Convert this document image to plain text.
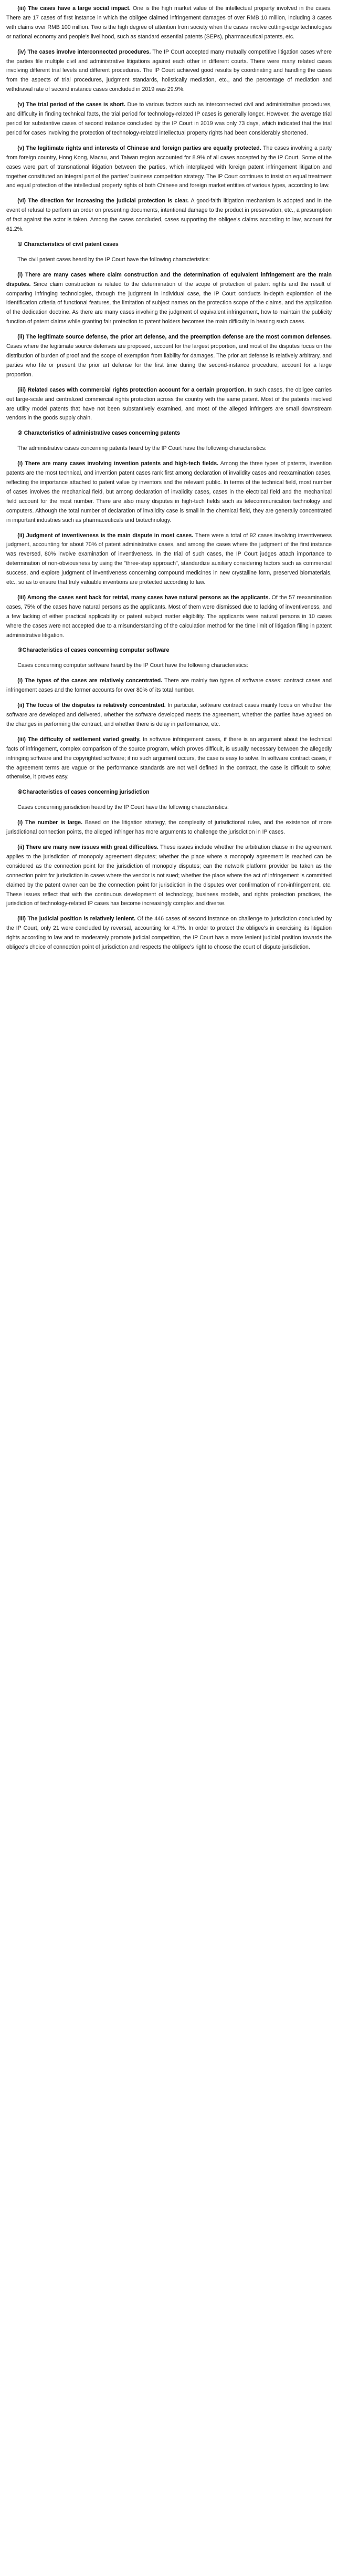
(iii) The cases have a large social impact. One is the high market value of the intellectual property involved in the cases. There are 17 cases of first instance in which the obligee claimed infringement damages of over RMB 10 million, including 3 cases with claims over RMB 100 million. Two is the high degree of attention from society when the cases involve cutting-edge technologies or national economy and people's livelihood, such as standard essential patents (SEPs), pharmaceutical patents, etc.

(iv) The cases involve interconnected procedures. The IP Court accepted many mutually competitive litigation cases where the parties file multiple civil and administrative litigations against each other in different courts. There were many related cases involving different trial levels and different procedures. The IP Court achieved good results by coordinating and handling the cases from the aspects of trial procedures, judgment standards, holistically mediation, etc., and the percentage of mediation and withdrawal rate of second instance cases concluded in 2019 was 29.9%.

(v) The trial period of the cases is short. Due to various factors such as interconnected civil and administrative procedures, and difficulty in finding technical facts, the trial period for technology-related IP cases is generally longer. However, the average trial period for substantive cases of second instance concluded by the IP Court in 2019 was only 73 days, which indicated that the trial period for cases involving the protection of technology-related intellectual property rights had been considerably shortened.

(v) The legitimate rights and interests of Chinese and foreign parties are equally protected. The cases involving a party from foreign country, Hong Kong, Macau, and Taiwan region accounted for 8.9% of all cases accepted by the IP Court. Some of the cases were part of transnational litigation between the parties, which interplayed with foreign patent infringement litigation and together constituted an integral part of the parties' business competition strategy. The IP Court continues to insist on equal treatment and equal protection of the intellectual property rights of both Chinese and foreign market entities of various types, according to law.

(vi) The direction for increasing the judicial protection is clear. A good-faith litigation mechanism is adopted and in the event of refusal to perform an order on presenting documents, intentional damage to the product in preservation, etc., a presumption of fact against the actor is taken. Among the cases concluded, cases supporting the obligee's claims according to law, account for 61.2%.

① Characteristics of civil patent cases

The civil patent cases heard by the IP Court have the following characteristics:

(i) There are many cases where claim construction and the determination of equivalent infringement are the main disputes. Since claim construction is related to the determination of the scope of protection of patent rights and the result of comparing infringing technologies, through the judgment in individual case, the IP Court conducts in-depth exploration of the identification criteria of functional features, the limitation of subject names on the protection scope of the claims, and the application of the dedication doctrine. As there are many cases involving the judgment of equivalent infringement, how to maintain the publicity function of patent claims while granting fair protection to patent holders becomes the main difficulty in hearing such cases.

(ii) The legitimate source defense, the prior art defense, and the preemption defense are the most common defenses. Cases where the legitimate source defenses are proposed, account for the largest proportion, and most of the disputes focus on the distribution of burden of proof and the scope of exemption from liability for damages. The prior art defense is relatively arbitrary, and parties who file or present the prior art defense for the first time during the second-instance procedure, account for a large proportion.

(iii) Related cases with commercial rights protection account for a certain proportion. In such cases, the obligee carries out large-scale and centralized commercial rights protection across the country with the same patent. Most of the patents involved are utility model patents that have not been substantively examined, and most of the alleged infringers are small downstream vendors in the goods supply chain.

② Characteristics of administrative cases concerning patents

The administrative cases concerning patents heard by the IP Court have the following characteristics:

(i) There are many cases involving invention patents and high-tech fields. Among the three types of patents, invention patents are the most technical, and invention patent cases rank first among declaration of invalidity cases and reexamination cases, reflecting the importance attached to patent value by inventors and the relevant public. In terms of the technical field, most number of cases involves the mechanical field, but among declaration of invalidity cases, cases in the electrical field and the mechanical field account for the most number. There are also many disputes in high-tech fields such as telecommunication technology and computers. Although the total number of declaration of invalidity case is small in the chemical field, they are generally concentrated in important industries such as pharmaceuticals and biotechnology.

(ii) Judgment of inventiveness is the main dispute in most cases. There were a total of 92 cases involving inventiveness judgment, accounting for about 70% of patent administrative cases, and among the cases where the judgment of the first instance was reversed, 80% involve examination of inventiveness. In the trial of such cases, the IP Court judges attach importance to determination of non-obviousness by using the "three-step approach", standardize auxiliary considering factors such as commercial success, and explore judgment of inventiveness concerning compound medicines in new crystalline form, preserved biomaterials, etc., so as to ensure that truly valuable inventions are protected according to law.

(iii) Among the cases sent back for retrial, many cases have natural persons as the applicants. Of the 57 reexamination cases, 75% of the cases have natural persons as the applicants. Most of them were dismissed due to lacking of inventiveness, and a few lacking of either practical applicability or patent subject matter eligibility. The applicants were natural persons in 10 cases where the cases were not accepted due to a misunderstanding of the calculation method for the time limit of litigation filing in patent administrative litigation.

③Characteristics of cases concerning computer software

Cases concerning computer software heard by the IP Court have the following characteristics:

(i) The types of the cases are relatively concentrated. There are mainly two types of software cases: contract cases and infringement cases and the former accounts for over 80% of its total number.

(ii) The focus of the disputes is relatively concentrated. In particular, software contract cases mainly focus on whether the software are developed and delivered, whether the software developed meets the agreement, whether the parties have agreed on the changes in performing the contract, and whether there is delay in performance, etc.

(iii) The difficulty of settlement varied greatly. In software infringement cases, if there is an argument about the technical facts of infringement, complex comparison of the source program, which proves difficult, is usually necessary between the allegedly infringing software and the copyrighted software; if no such argument occurs, the case is easy to solve. In software contract cases, if the agreement terms are vague or the performance standards are not well defined in the contract, the case is difficult to solve; otherwise, it proves easy.

④Characteristics of cases concerning jurisdiction

Cases concerning jurisdiction heard by the IP Court have the following characteristics:

(i) The number is large. Based on the litigation strategy, the complexity of jurisdictional rules, and the existence of more jurisdictional connection points, the alleged infringer has more arguments to challenge the jurisdiction in IP cases.

(ii) There are many new issues with great difficulties. These issues include whether the arbitration clause in the agreement applies to the jurisdiction of monopoly agreement disputes; whether the place where a monopoly agreement is reached can be considered as the connection point for the jurisdiction of monopoly disputes; can the network platform provider be taken as the connection point for jurisdiction in cases where the vendor is not sued; whether the place where the act of infringement is committed claimed by the patent owner can be the connection point for jurisdiction in the disputes over confirmation of non-infringement, etc. These issues reflect that with the continuous development of technology, business models, and rights protection practices, the jurisdiction of technology-related IP cases has become increasingly complex and diverse.

(iii) The judicial position is relatively lenient. Of the 446 cases of second instance on challenge to jurisdiction concluded by the IP Court, only 21 were concluded by reversal, accounting for 4.7%. In order to protect the obligee's in exercising its litigation rights according to law and to moderately promote judicial competition, the IP Court has a more lenient judicial position towards the obligee's choice of connection point of jurisdiction and respects the obligee's right to choose the court of dispute jurisdiction.
